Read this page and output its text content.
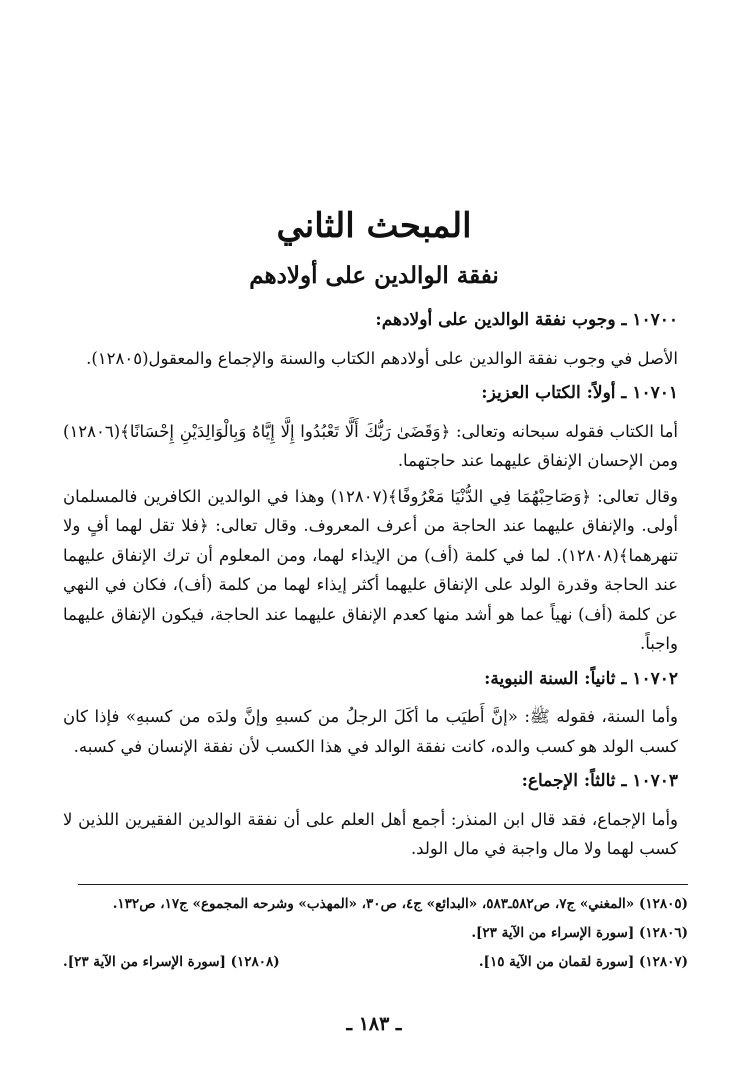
المبحث الثاني
نفقة الوالدين على أولادهم

١٠٧٠٠ ـ وجوب نفقة الوالدين على أولادهم:

الأصل في وجوب نفقة الوالدين على أولادهم الكتاب والسنة والإجماع والمعقول(١٢٨٠٥).

١٠٧٠١ ـ أولاً: الكتاب العزيز:

أما الكتاب فقوله سبحانه وتعالى: ﴿وَقَضَىٰ رَبُّكَ أَلَّا تَعْبُدُوا إِلَّا إِيَّاهُ وَبِالْوَالِدَيْنِ إِحْسَانًا﴾(١٢٨٠٦) ومن الإحسان الإنفاق عليهما عند حاجتهما.

وقال تعالى: ﴿وَصَاحِبْهُمَا فِي الدُّنْيَا مَعْرُوفًا﴾(١٢٨٠٧) وهذا في الوالدين الكافرين فالمسلمان أولى. والإنفاق عليهما عند الحاجة من أعرف المعروف. وقال تعالى: ﴿فلا تقل لهما أفٍ ولا تنهرهما﴾(١٢٨٠٨). لما في كلمة (أف) من الإيذاء لهما، ومن المعلوم أن ترك الإنفاق عليهما عند الحاجة وقدرة الولد على الإنفاق عليهما أكثر إيذاء لهما من كلمة (أف)، فكان في النهي عن كلمة (أف) نهياً عما هو أشد منها كعدم الإنفاق عليهما عند الحاجة، فيكون الإنفاق عليهما واجباً.

١٠٧٠٢ ـ ثانياً: السنة النبوية:

وأما السنة، فقوله ﷺ: «إنَّ أَطيَب ما أكَلَ الرجلُ من كسبهِ وإنَّ ولدَه من كسبهِ» فإذا كان كسب الولد هو كسب والده، كانت نفقة الوالد في هذا الكسب لأن نفقة الإنسان في كسبه.

١٠٧٠٣ ـ ثالثاً: الإجماع:

وأما الإجماع، فقد قال ابن المنذر: أجمع أهل العلم على أن نفقة الوالدين الفقيرين اللذين لا كسب لهما ولا مال واجبة في مال الولد.

(١٢٨٠٥) «المغني» ج٧، ص٥٨٢ـ٥٨٣، «البدائع» ج٤، ص٣٠، «المهذب» وشرحه المجموع» ج١٧، ص١٣٢.

(١٢٨٠٦) [سورة الإسراء من الآية ٢٣].

(١٢٨٠٧) [سورة لقمان من الآية ١٥].
(١٢٨٠٨) [سورة الإسراء من الآية ٢٣].
ـ ١٨٣ ـ
